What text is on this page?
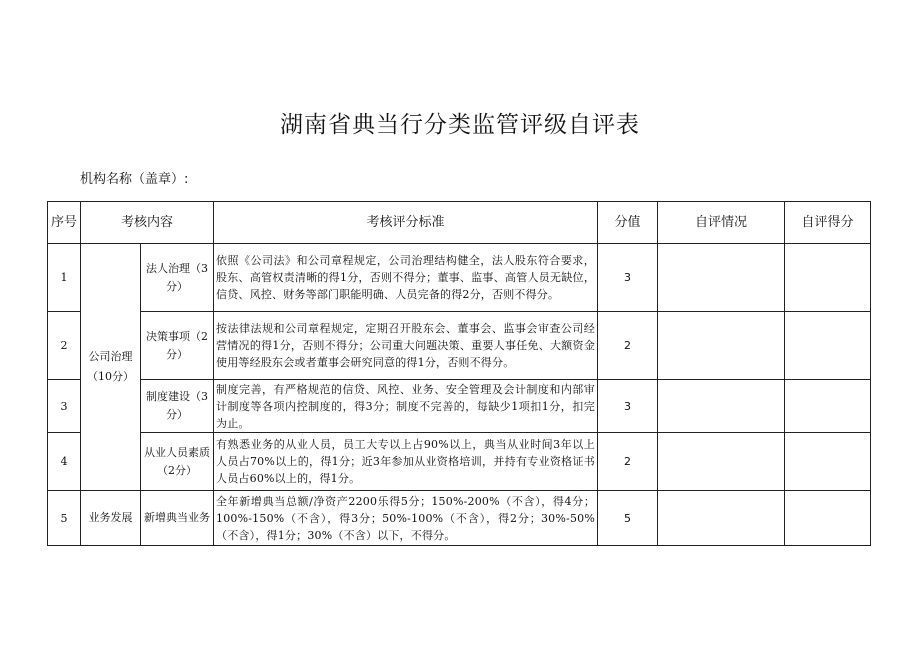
湖南省典当行分类监管评级自评表
机构名称（盖章）:
序号	考核内容		考核评分标准	分值	自评情况	自评得分
1	公司治理（10分）	法人治理（3分）	依照《公司法》和公司章程规定，公司治理结构健全，法人股东符合要求，股东、高管权责清晰的得1分，否则不得分；董事、监事、高管人员无缺位，信贷、风控、财务等部门职能明确、人员完备的得2分，否则不得分。	3		
2		决策事项（2分）	按法律法规和公司章程规定，定期召开股东会、董事会、监事会审查公司经营情况的得1分，否则不得分；公司重大问题决策、重要人事任免、大额资金使用等经股东会或者董事会研究同意的得1分，否则不得分。	2		
3		制度建设（3分）	制度完善，有严格规范的信贷、风控、业务、安全管理及会计制度和内部审计制度等各项内控制度的，得3分；制度不完善的，每缺少1项扣1分，扣完为止。	3		
4		从业人员素质（2分）	有熟悉业务的从业人员，员工大专以上占90%以上，典当从业时间3年以上人员占70%以上的，得1分；近3年参加从业资格培训，并持有专业资格证书人员占60%以上的，得1分。	2		
5	业务发展	新增典当业务	全年新增典当总额/净资产2200乐得5分；150%-200%（不含），得4分；100%-150%（不含），得3分；50%-100%（不含），得2分；30%-50%（不含），得1分；30%（不含）以下，不得分。	5		
